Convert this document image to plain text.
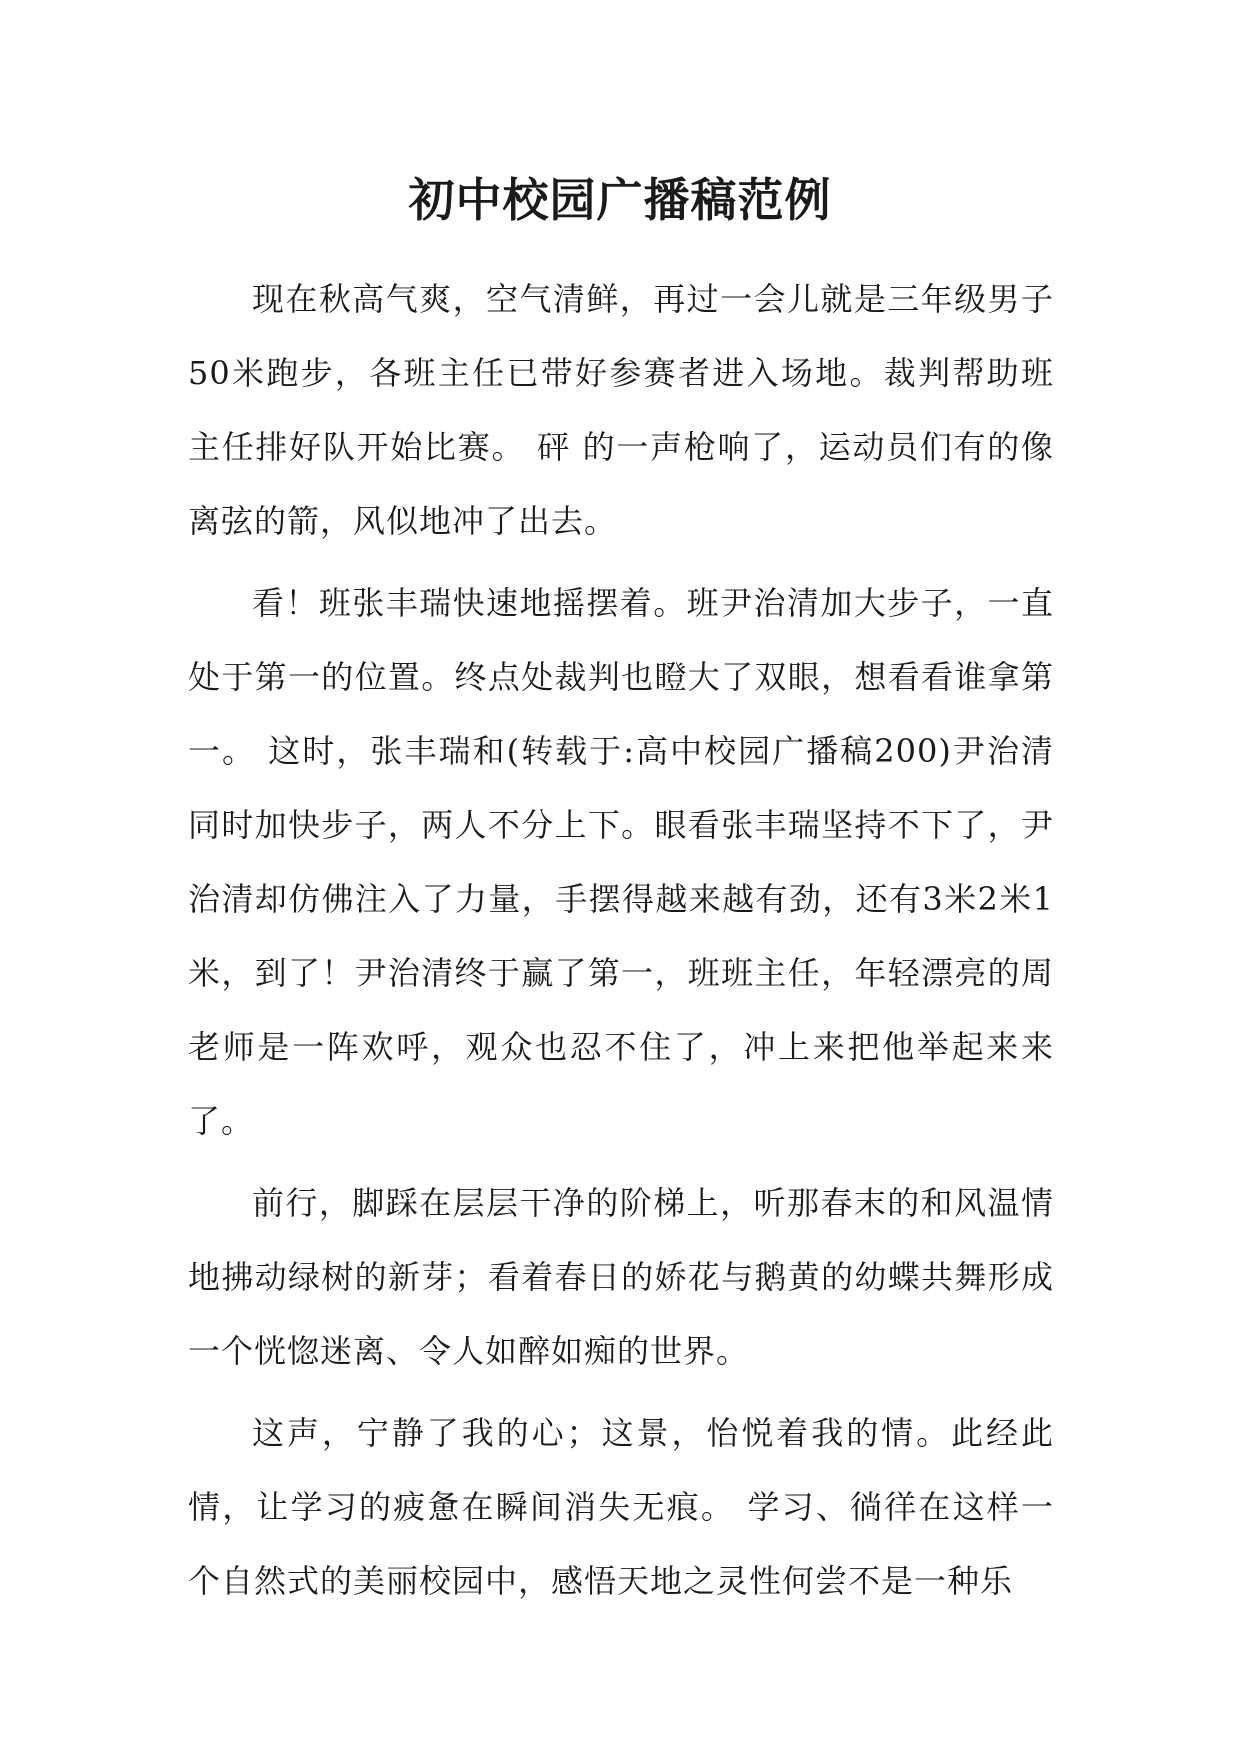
初中校园广播稿范例

现在秋高气爽，空气清鲜，再过一会儿就是三年级男子50米跑步，各班主任已带好参赛者进入场地。裁判帮助班主任排好队开始比赛。 砰 的一声枪响了，运动员们有的像离弦的箭，风似地冲了出去。

看！班张丰瑞快速地摇摆着。班尹治清加大步子，一直处于第一的位置。终点处裁判也瞪大了双眼，想看看谁拿第一。 这时，张丰瑞和(转载于:高中校园广播稿200)尹治清同时加快步子，两人不分上下。眼看张丰瑞坚持不下了，尹治清却仿佛注入了力量，手摆得越来越有劲，还有3米2米1米，到了！尹治清终于赢了第一，班班主任，年轻漂亮的周老师是一阵欢呼，观众也忍不住了，冲上来把他举起来来了。

前行，脚踩在层层干净的阶梯上，听那春末的和风温情地拂动绿树的新芽；看着春日的娇花与鹅黄的幼蝶共舞形成一个恍惚迷离、令人如醉如痴的世界。

这声，宁静了我的心；这景，怡悦着我的情。此经此情，让学习的疲惫在瞬间消失无痕。 学习、徜徉在这样一个自然式的美丽校园中，感悟天地之灵性何尝不是一种乐
